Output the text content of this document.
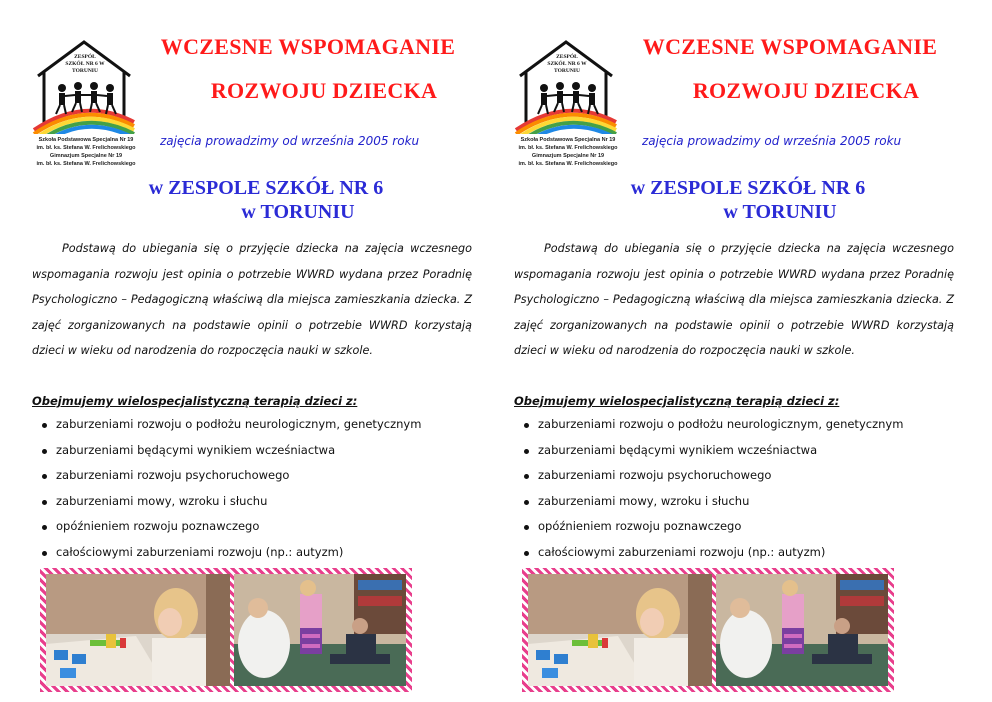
ZESPÓŁ
SZKÓŁ NR 6 W TORUNIU
Szkoła Podstawowa Specjalna Nr 19
im. bł. ks. Stefana W. Frelichowskiego
Gimnazjum Specjalne Nr 19
im. bł. ks. Stefana W. Frelichowskiego
WCZESNE WSPOMAGANIE
ROZWOJU DZIECKA
zajęcia prowadzimy od września 2005 roku
w ZESPOLE SZKÓŁ NR 6
w TORUNIU
Podstawą do ubiegania się o przyjęcie dziecka na zajęcia wczesnego wspomagania rozwoju jest opinia o potrzebie WWRD wydana przez Poradnię Psychologiczno – Pedagogiczną właściwą dla miejsca zamieszkania dziecka. Z zajęć zorganizowanych na podstawie opinii o potrzebie WWRD korzystają dzieci w wieku od narodzenia do rozpoczęcia nauki w szkole.
Obejmujemy wielospecjalistyczną terapią dzieci z:
zaburzeniami rozwoju o podłożu neurologicznym, genetycznym
zaburzeniami będącymi wynikiem wcześniactwa
zaburzeniami rozwoju psychoruchowego
zaburzeniami mowy, wzroku i słuchu
opóźnieniem rozwoju poznawczego
całościowymi zaburzeniami rozwoju (np.: autyzm)
ZESPÓŁ
SZKÓŁ NR 6 W TORUNIU
Szkoła Podstawowa Specjalna Nr 19
im. bł. ks. Stefana W. Frelichowskiego
Gimnazjum Specjalne Nr 19
im. bł. ks. Stefana W. Frelichowskiego
WCZESNE WSPOMAGANIE
ROZWOJU DZIECKA
zajęcia prowadzimy od września 2005 roku
w ZESPOLE SZKÓŁ NR 6
w TORUNIU
Podstawą do ubiegania się o przyjęcie dziecka na zajęcia wczesnego wspomagania rozwoju jest opinia o potrzebie WWRD wydana przez Poradnię Psychologiczno – Pedagogiczną właściwą dla miejsca zamieszkania dziecka. Z zajęć zorganizowanych na podstawie opinii o potrzebie WWRD korzystają dzieci w wieku od narodzenia do rozpoczęcia nauki w szkole.
Obejmujemy wielospecjalistyczną terapią dzieci z:
zaburzeniami rozwoju o podłożu neurologicznym, genetycznym
zaburzeniami będącymi wynikiem wcześniactwa
zaburzeniami rozwoju psychoruchowego
zaburzeniami mowy, wzroku i słuchu
opóźnieniem rozwoju poznawczego
całościowymi zaburzeniami rozwoju (np.: autyzm)
